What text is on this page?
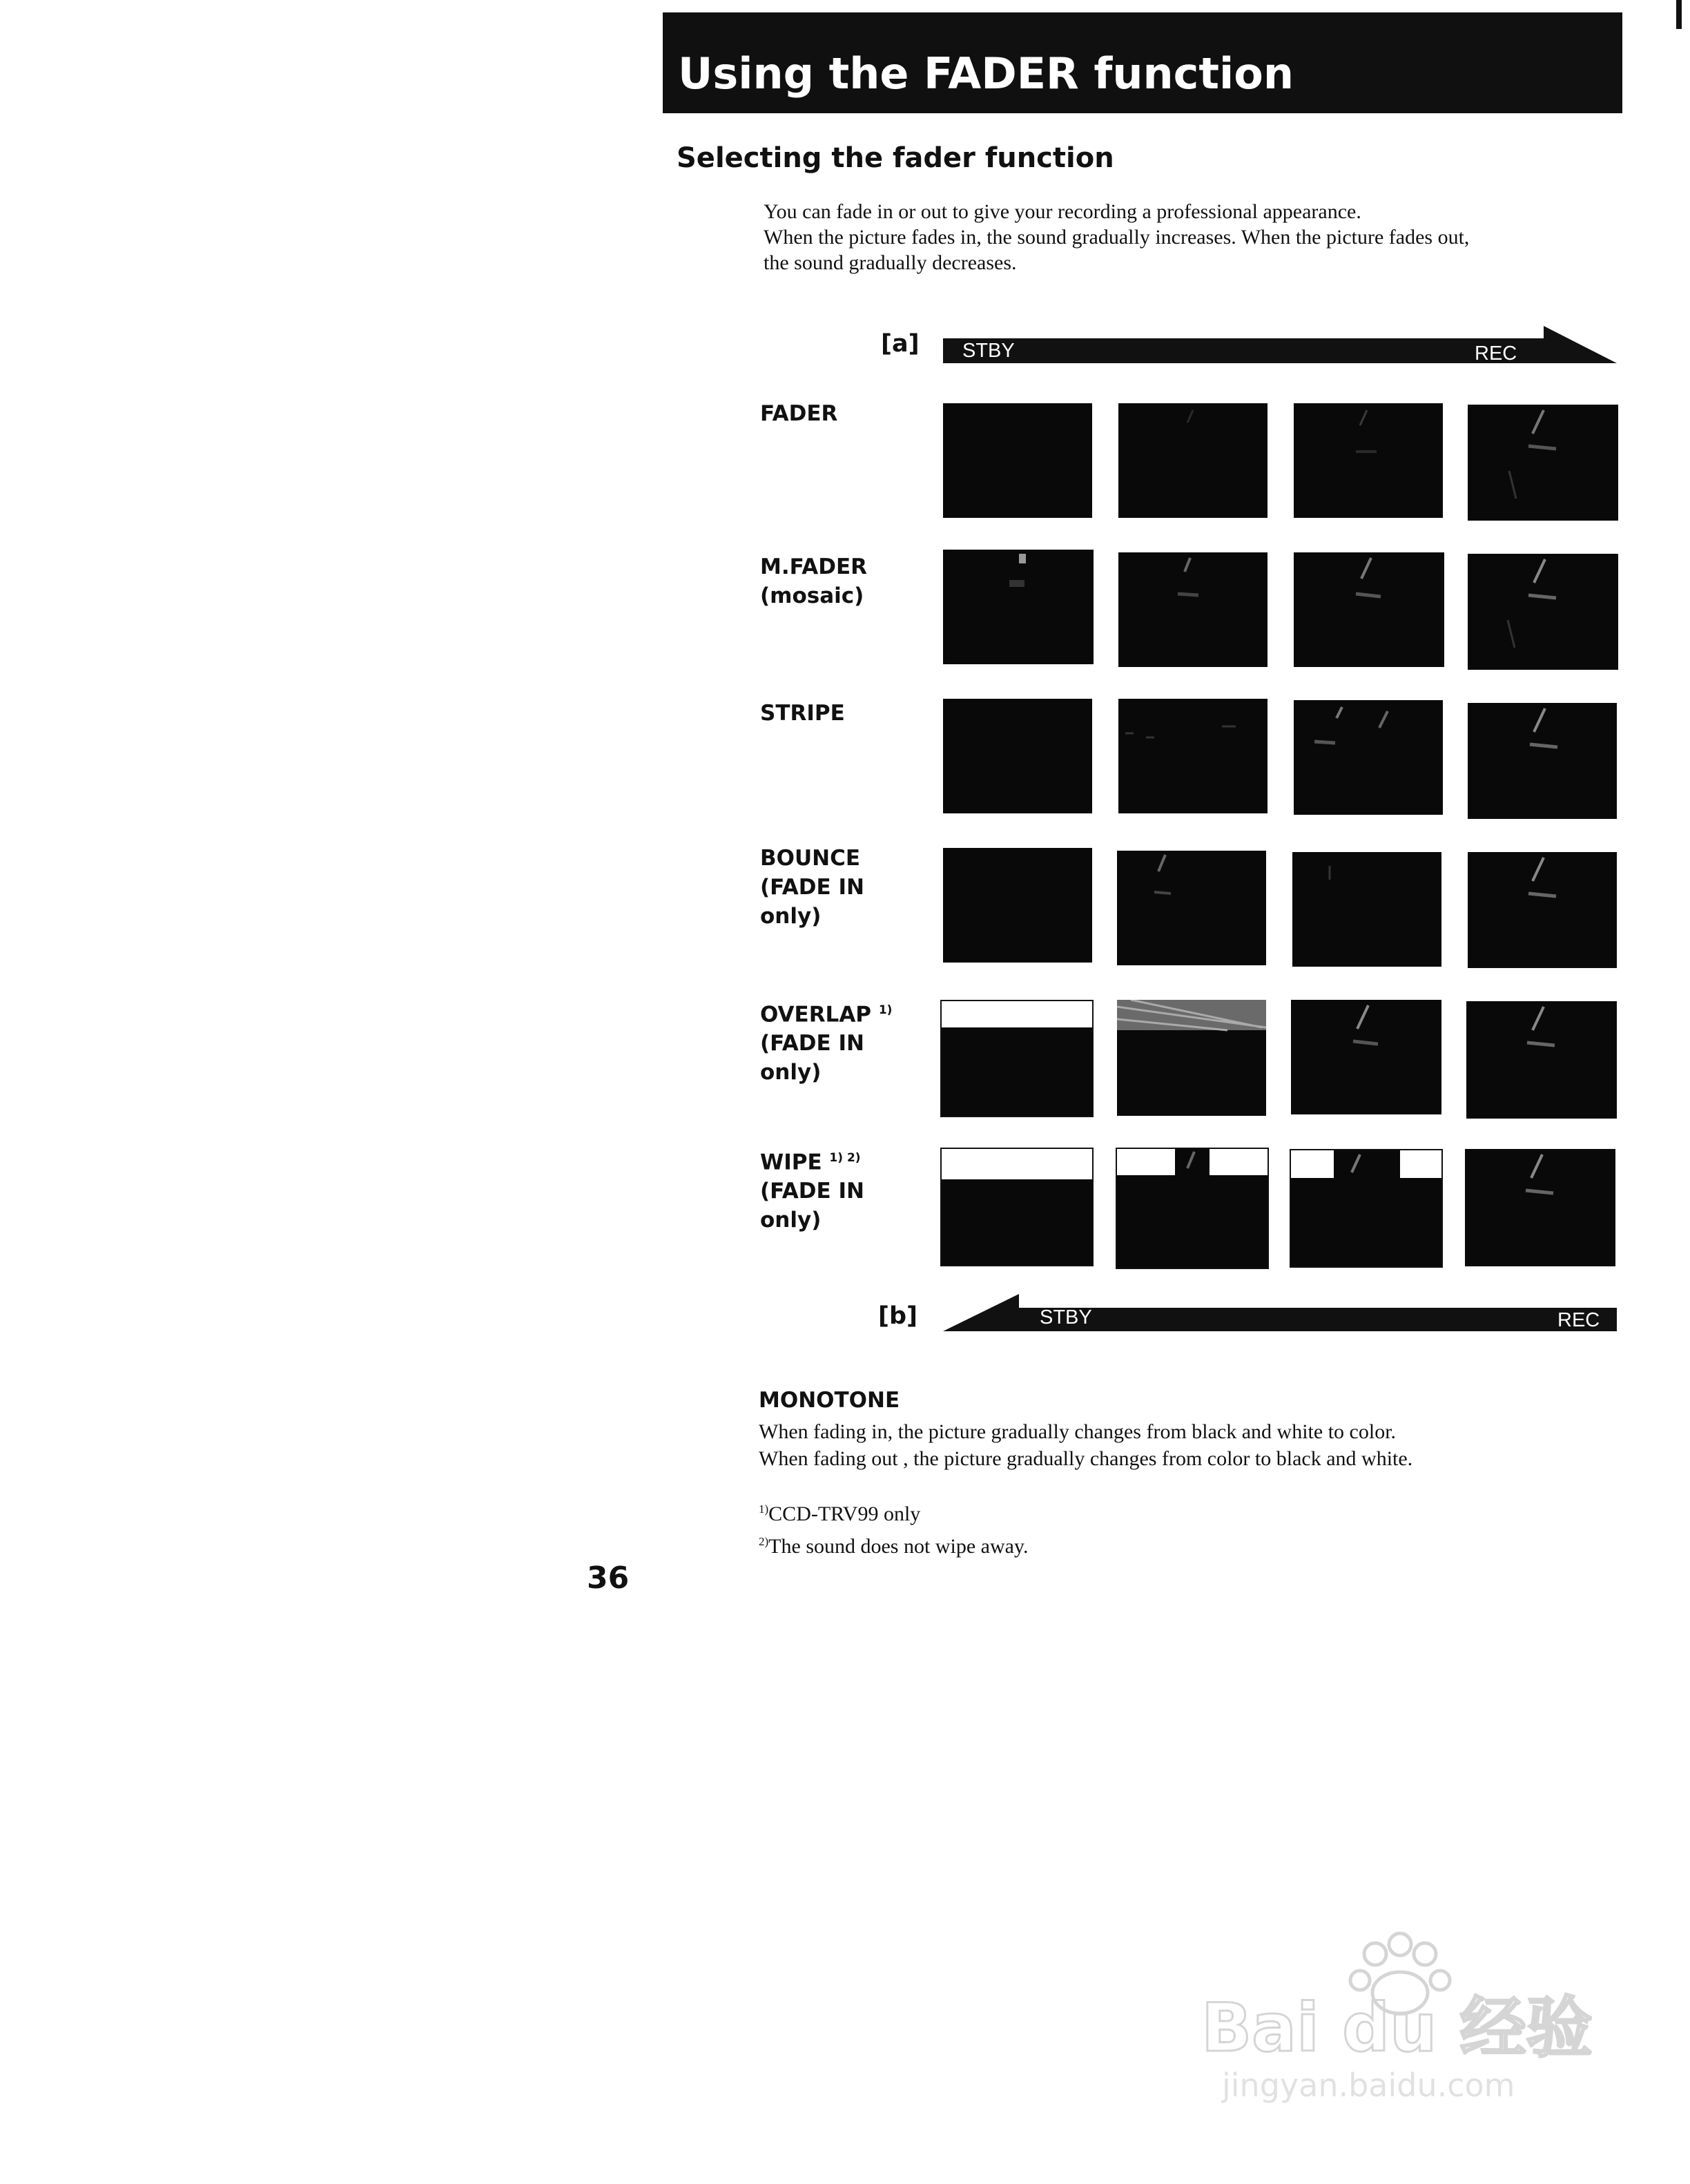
Using the FADER function
Selecting the fader function
You can fade in or out to give your recording a professional appearance.
When the picture fades in, the sound gradually increases. When the picture fades out,
the sound gradually decreases.
[a] STBY	REC
FADER
M.FADER
(mosaic)
STRIPE
BOUNCE
(FADE IN only)
OVERLAP $^{1)}$
(FADE IN only)
WIPE $^{1) 2)}$
(FADE IN only)
[b]	STBY	REC
MONOTONE
When fading in, the picture gradually changes from black and white to color.
When fading out , the picture gradually changes from color to black and white.
$^{1)}$CCD-TRV99 only
$^{2)}$The sound does not wipe away.
36
Bai du 经验
jingyan.baidu.com
